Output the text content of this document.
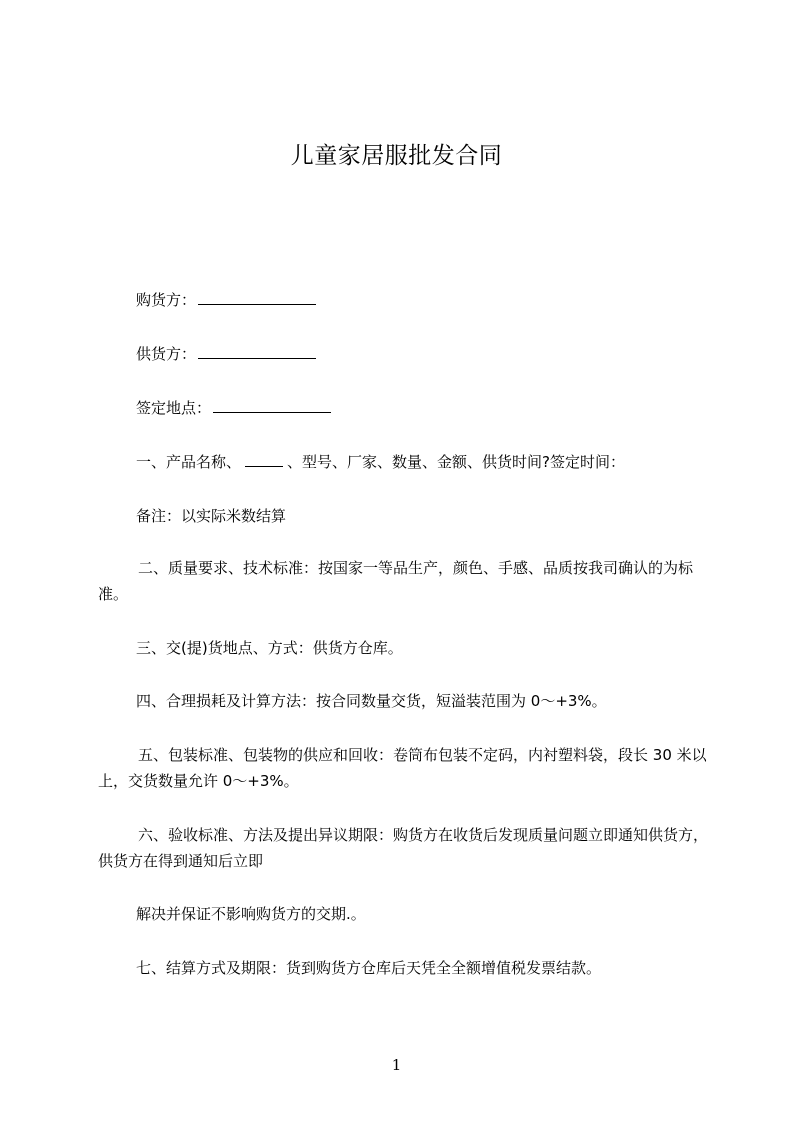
儿童家居服批发合同
购货方：
供货方：
签定地点：
一、产品名称、	、型号、厂家、数量、金额、供货时间?签定时间：
备注：以实际米数结算
二、质量要求、技术标准：按国家一等品生产，颜色、手感、品质按我司确认的为标准。
三、交(提)货地点、方式：供货方仓库。
四、合理损耗及计算方法：按合同数量交货，短溢装范围为 0～+3%。
五、包装标准、包装物的供应和回收：卷筒布包装不定码，内衬塑料袋，段长 30 米以上，交货数量允许 0～+3%。
六、验收标准、方法及提出异议期限：购货方在收货后发现质量问题立即通知供货方，供货方在得到通知后立即
解决并保证不影响购货方的交期.。
七、结算方式及期限：货到购货方仓库后天凭全全额增值税发票结款。
1
